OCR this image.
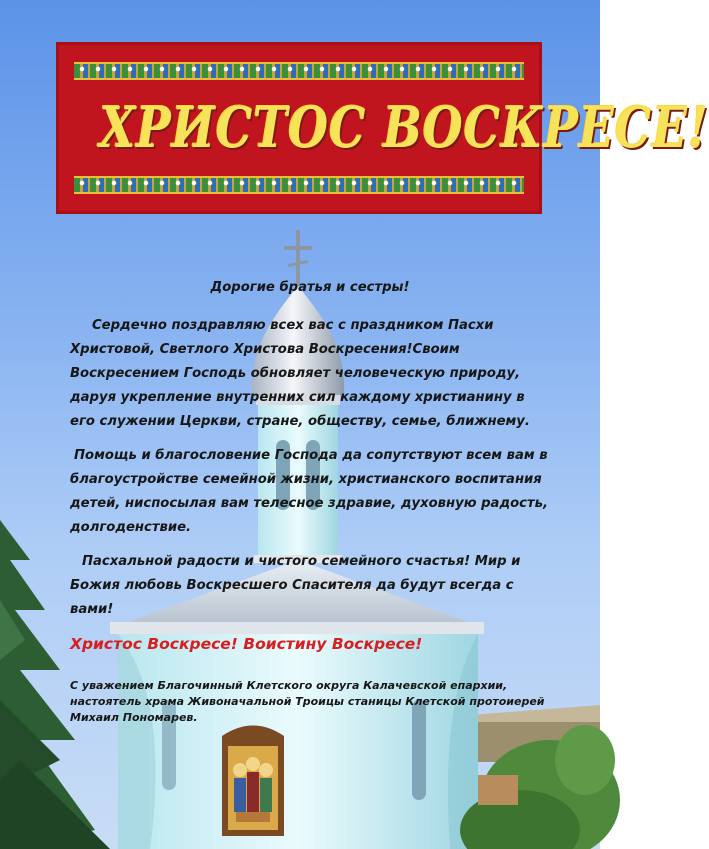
ХРИСТОС ВОСКРЕСЕ!

Дорогие братья и сестры!

Сердечно поздравляю всех вас с праздником Пасхи Христовой, Светлого Христова Воскресения!Своим Воскресением Господь обновляет человеческую природу, даруя укрепление внутренних сил каждому христианину в его служении Церкви, стране, обществу, семье, ближнему.

Помощь и благословение Господа да сопутствуют всем вам в благоустройстве семейной жизни, христианского воспитания детей, ниспосылая вам телесное здравие, духовную радость, долгоденствие.

Пасхальной радости и чистого семейного счастья! Мир и Божия любовь Воскресшего Спасителя да будут всегда с вами!

Христос Воскресе! Воистину Воскресе!

С уважением Благочинный Клетского округа Калачевской епархии, настоятель храма Живоначальной Троицы станицы Клетской протоиерей Михаил Пономарев.
